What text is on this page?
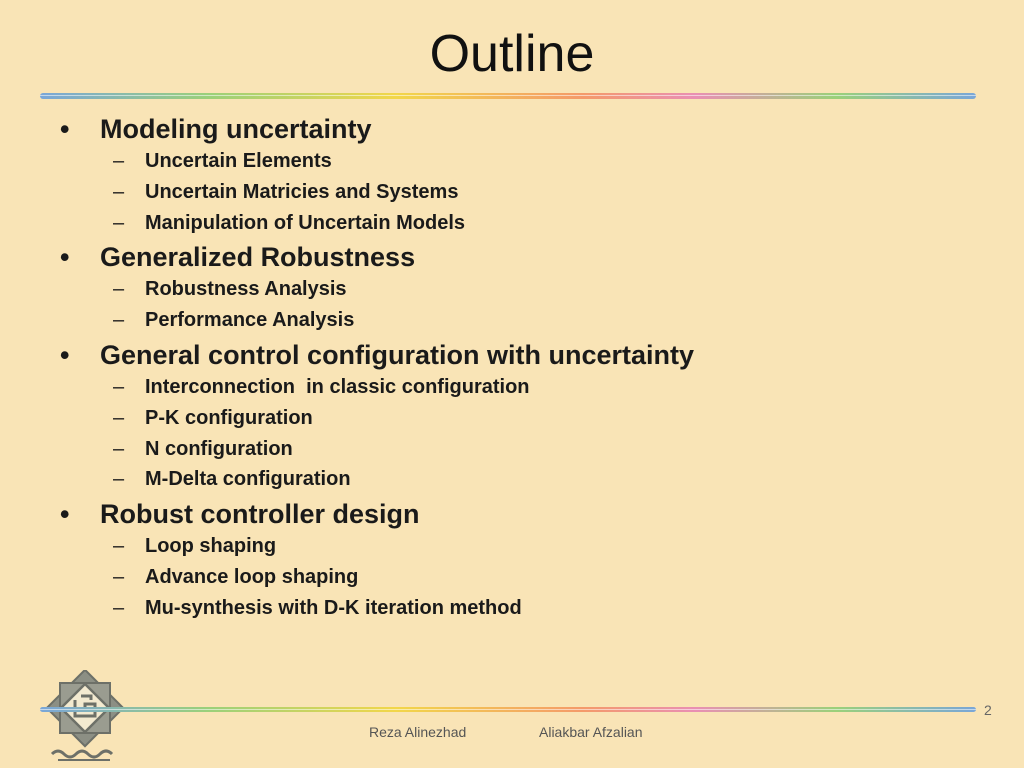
Outline
• Modeling uncertainty
– Uncertain Elements
– Uncertain Matricies and Systems
– Manipulation of Uncertain Models
• Generalized Robustness
– Robustness Analysis
– Performance Analysis
• General control configuration with uncertainty
– Interconnection  in classic configuration
– P-K configuration
– N configuration
– M-Delta configuration
• Robust controller design
– Loop shaping
– Advance loop shaping
– Mu-synthesis with D-K iteration method
2
Reza Alinezhad	Aliakbar Afzalian
